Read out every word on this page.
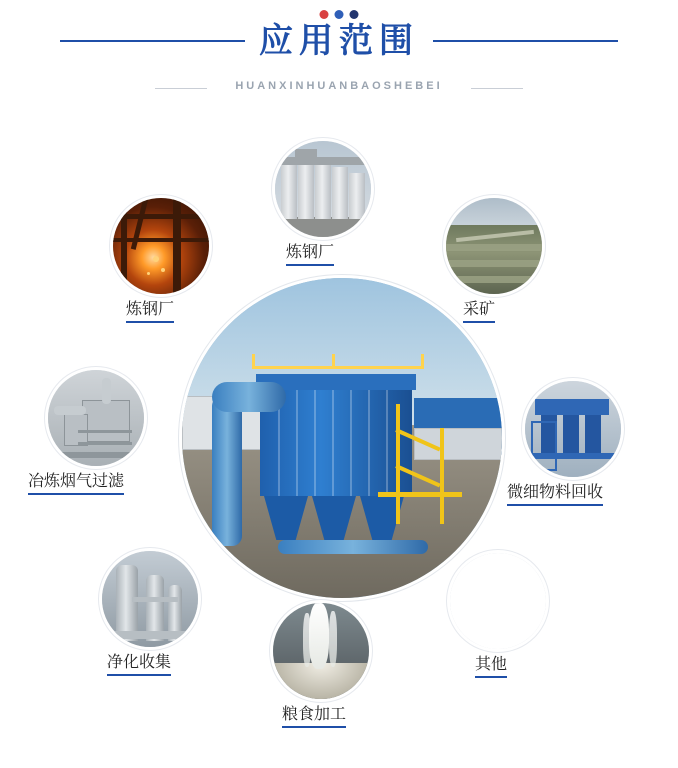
应用范围
HUANXINHUANBAOSHEBEI
炼钢厂
炼钢厂	采矿
冶炼烟气过滤
微细物料回收
净化收集
粮食加工
其他
